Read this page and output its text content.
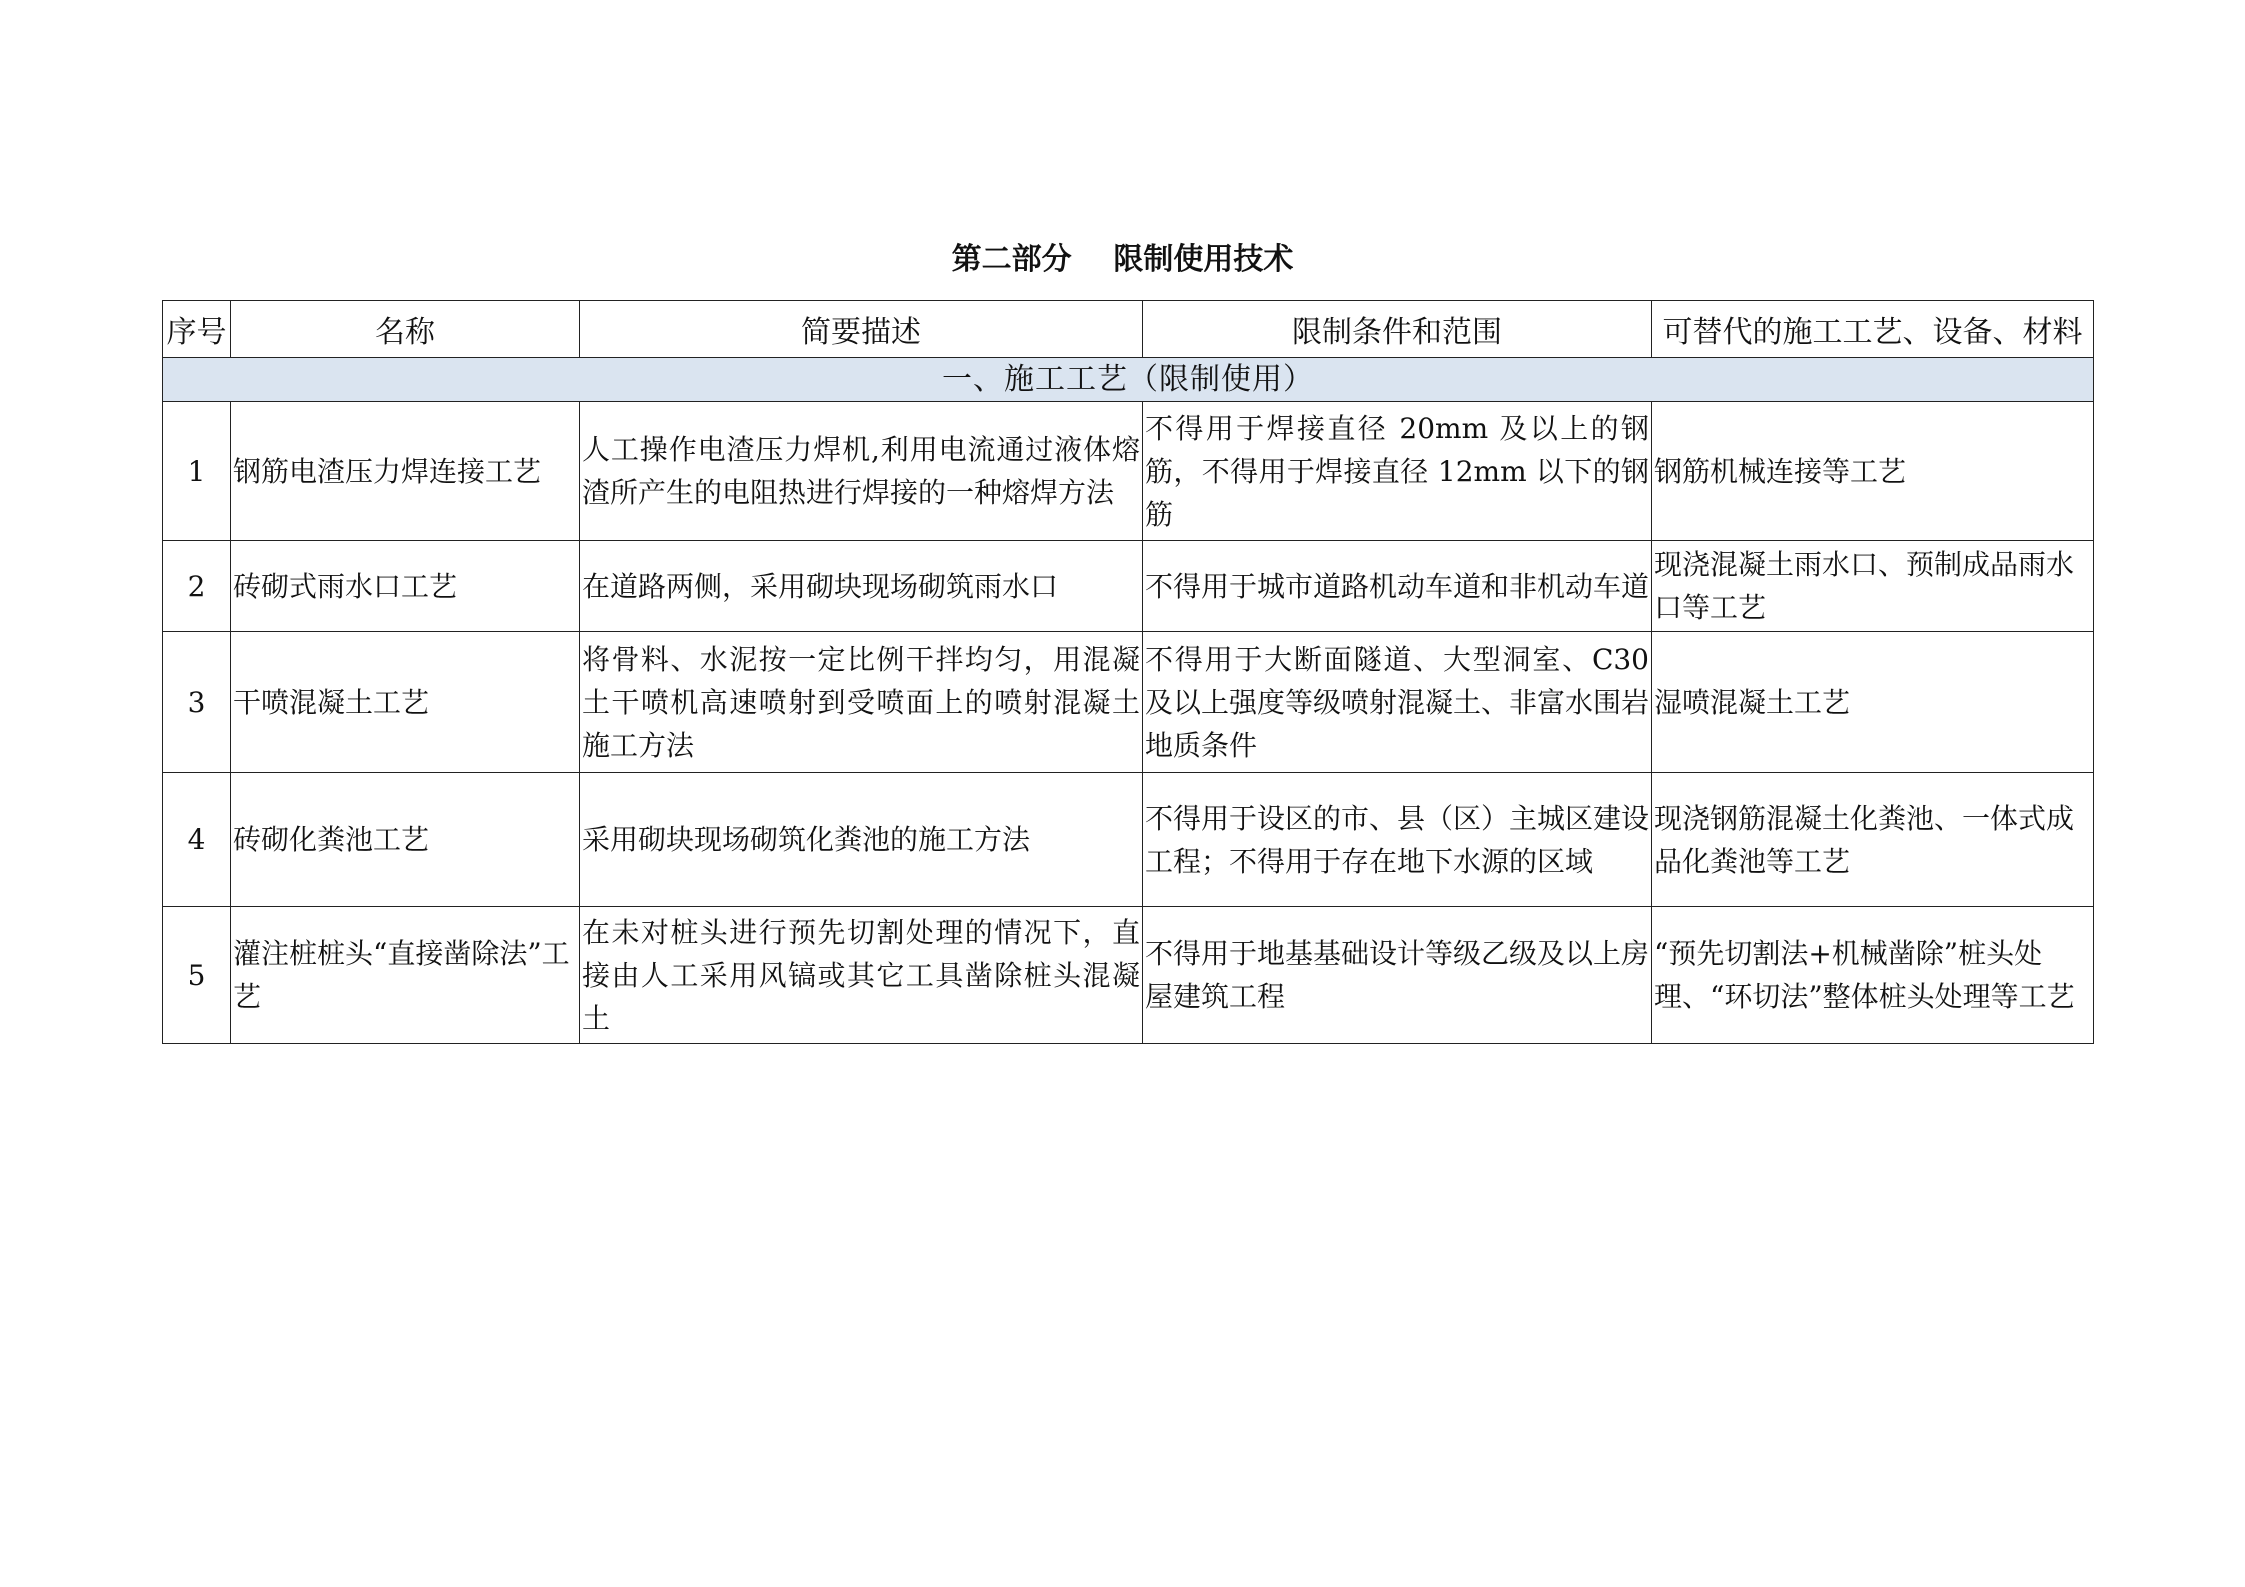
第二部分    限制使用技术
序号	名称	简要描述	限制条件和范围	可替代的施工工艺、设备、材料
一、施工工艺（限制使用）				
1	钢筋电渣压力焊连接工艺	人工操作电渣压力焊机,利用电流通过液体熔渣所产生的电阻热进行焊接的一种熔焊方法	不得用于焊接直径 20mm 及以上的钢筋，不得用于焊接直径 12mm 以下的钢筋	钢筋机械连接等工艺
2	砖砌式雨水口工艺	在道路两侧，采用砌块现场砌筑雨水口	不得用于城市道路机动车道和非机动车道	现浇混凝土雨水口、预制成品雨水口等工艺
3	干喷混凝土工艺	将骨料、水泥按一定比例干拌均匀，用混凝土干喷机高速喷射到受喷面上的喷射混凝土施工方法	不得用于大断面隧道、大型洞室、C30及以上强度等级喷射混凝土、非富水围岩地质条件	湿喷混凝土工艺
4	砖砌化粪池工艺	采用砌块现场砌筑化粪池的施工方法	不得用于设区的市、县（区）主城区建设工程；不得用于存在地下水源的区域	现浇钢筋混凝土化粪池、一体式成品化粪池等工艺
5	灌注桩桩头“直接凿除法”工艺	在未对桩头进行预先切割处理的情况下，直接由人工采用风镐或其它工具凿除桩头混凝土	不得用于地基基础设计等级乙级及以上房屋建筑工程	“预先切割法+机械凿除”桩头处理、“环切法”整体桩头处理等工艺
